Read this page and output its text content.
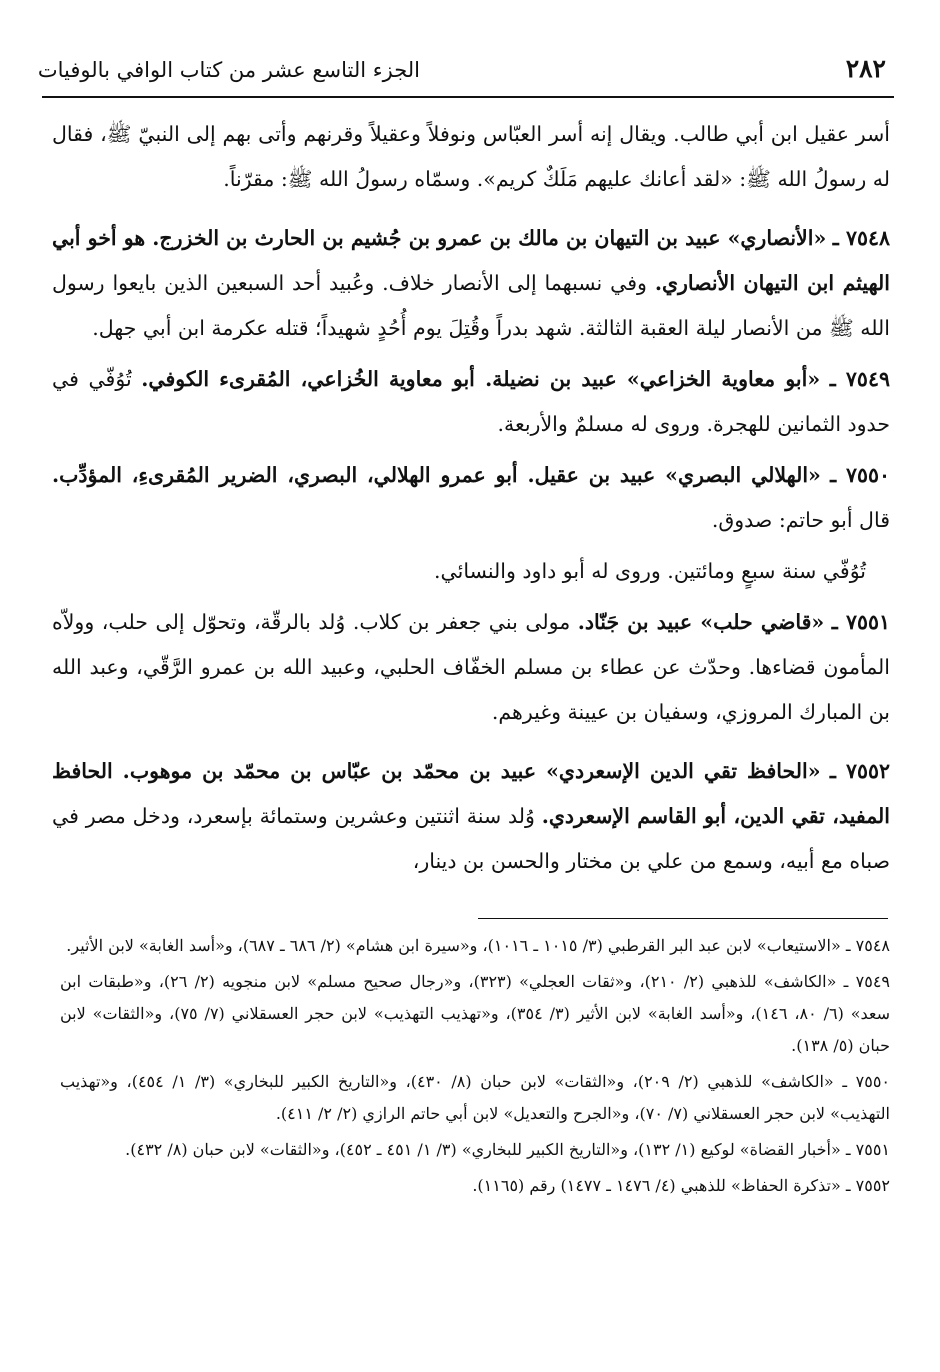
٢٨٢
الجزء التاسع عشر من كتاب الوافي بالوفيات

أسر عقيل ابن أبي طالب. ويقال إنه أسر العبّاس ونوفلاً وعقيلاً وقرنهم وأتى بهم إلى النبيّ ﷺ، فقال له رسولُ الله ﷺ: «لقد أعانك عليهم مَلَكٌ كريم». وسمّاه رسولُ الله ﷺ: مقرّناً.

٧٥٤٨ ـ «الأنصاري» عبيد بن التيهان بن مالك بن عمرو بن جُشيم بن الحارث بن الخزرج. هو أخو أبي الهيثم ابن التيهان الأنصاري. وفي نسبهما إلى الأنصار خلاف. وعُبيد أحد السبعين الذين بايعوا رسول الله ﷺ من الأنصار ليلة العقبة الثالثة. شهد بدراً وقُتِلَ يوم أُحُدٍ شهيداً؛ قتله عكرمة ابن أبي جهل.

٧٥٤٩ ـ «أبو معاوية الخزاعي» عبيد بن نضيلة. أبو معاوية الخُزاعي، المُقرىء الكوفي. تُوُفّي في حدود الثمانين للهجرة. وروى له مسلمٌ والأربعة.

٧٥٥٠ ـ «الهلالي البصري» عبيد بن عقيل. أبو عمرو الهلالي، البصري، الضرير المُقرىءِ، المؤدِّب. قال أبو حاتم: صدوق.

تُوُفّي سنة سبعٍ ومائتين. وروى له أبو داود والنسائي.

٧٥٥١ ـ «قاضي حلب» عبيد بن جَنّاد. مولى بني جعفر بن كلاب. وُلد بالرقّة، وتحوّل إلى حلب، وولاّه المأمون قضاءها. وحدّث عن عطاء بن مسلم الخفّاف الحلبي، وعبيد الله بن عمرو الرَّقّي، وعبد الله بن المبارك المروزي، وسفيان بن عيينة وغيرهم.

٧٥٥٢ ـ «الحافظ تقي الدين الإسعردي» عبيد بن محمّد بن عبّاس بن محمّد بن موهوب. الحافظ المفيد، تقي الدين، أبو القاسم الإسعردي. وُلد سنة اثنتين وعشرين وستمائة بإسعرد، ودخل مصر في صباه مع أبيه، وسمع من علي بن مختار والحسن بن دينار،

٧٥٤٨ ـ «الاستيعاب» لابن عبد البر القرطبي (٣/ ١٠١٥ ـ ١٠١٦)، و«سيرة ابن هشام» (٢/ ٦٨٦ ـ ٦٨٧)، و«أسد الغابة» لابن الأثير.

٧٥٤٩ ـ «الكاشف» للذهبي (٢/ ٢١٠)، و«ثقات العجلي» (٣٢٣)، و«رجال صحيح مسلم» لابن منجويه (٢/ ٢٦)، و«طبقات ابن سعد» (٦/ ٨٠، ١٤٦)، و«أسد الغابة» لابن الأثير (٣/ ٣٥٤)، و«تهذيب التهذيب» لابن حجر العسقلاني (٧/ ٧٥)، و«الثقات» لابن حبان (٥/ ١٣٨).

٧٥٥٠ ـ «الكاشف» للذهبي (٢/ ٢٠٩)، و«الثقات» لابن حبان (٨/ ٤٣٠)، و«التاريخ الكبير للبخاري» (٣/ ١/ ٤٥٤)، و«تهذيب التهذيب» لابن حجر العسقلاني (٧/ ٧٠)، و«الجرح والتعديل» لابن أبي حاتم الرازي (٢/ ٢/ ٤١١).

٧٥٥١ ـ «أخبار القضاة» لوكيع (١/ ١٣٢)، و«التاريخ الكبير للبخاري» (٣/ ١/ ٤٥١ ـ ٤٥٢)، و«الثقات» لابن حبان (٨/ ٤٣٢).

٧٥٥٢ ـ «تذكرة الحفاظ» للذهبي (٤/ ١٤٧٦ ـ ١٤٧٧) رقم (١١٦٥).
